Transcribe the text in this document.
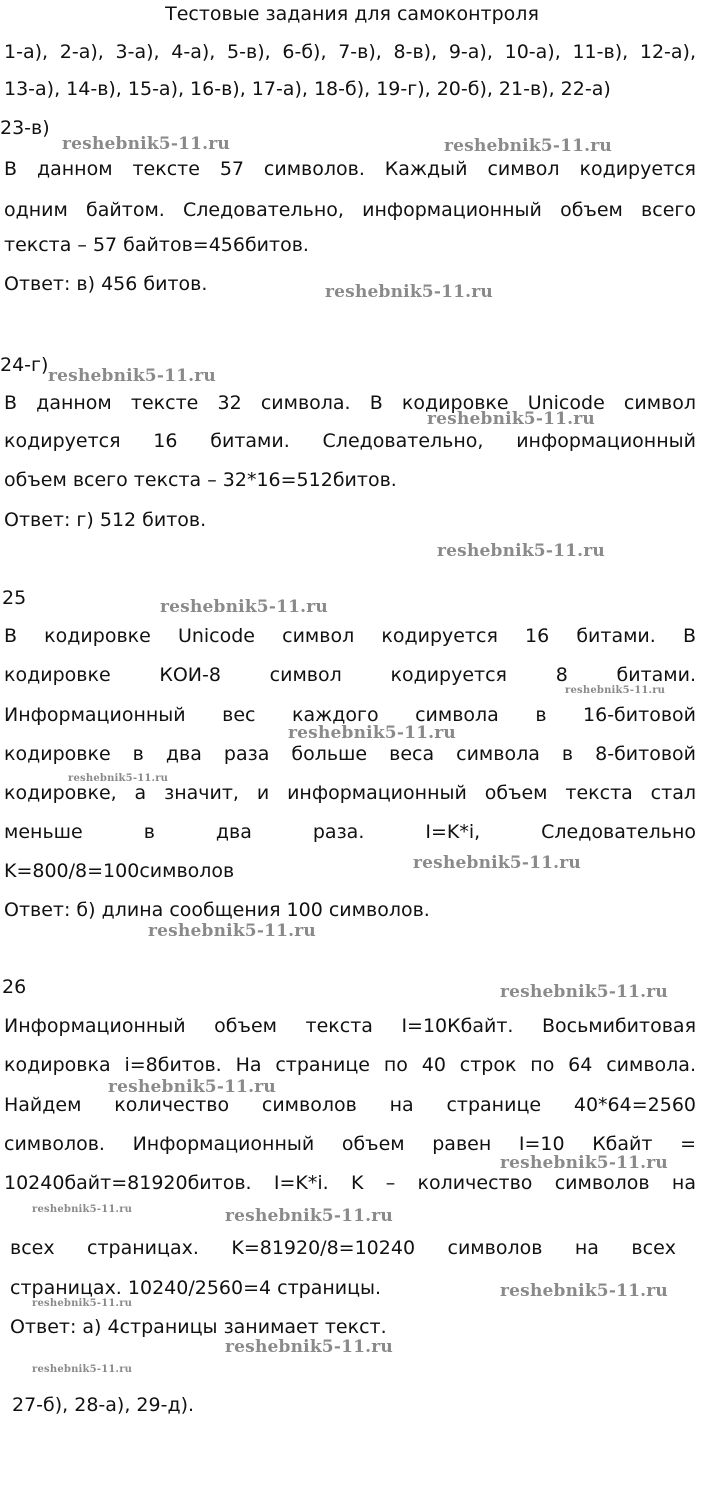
Тестовые задания для самоконтроля
1-а), 2-а), 3-а), 4-а), 5-в), 6-б), 7-в), 8-в), 9-а), 10-а), 11-в), 12-а),
13-а), 14-в), 15-а), 16-в), 17-а), 18-б), 19-г), 20-б), 21-в), 22-а)
23-в)
В данном тексте 57 символов. Каждый символ кодируется
одним байтом. Следовательно, информационный объем всего
текста – 57 байтов=456битов.
Ответ: в) 456 битов.
24-г)
В данном тексте 32 символа. В кодировке Unicode символ
кодируется 16 битами. Следовательно, информационный
объем всего текста – 32*16=512битов.
Ответ: г) 512 битов.
25
В кодировке Unicode символ кодируется 16 битами. В
кодировке КОИ-8 символ кодируется 8 битами.
Информационный вес каждого символа в 16-битовой
кодировке в два раза больше веса символа в 8-битовой
кодировке, а значит, и информационный объем текста стал
меньше в два раза. I=K*i, Следовательно
K=800/8=100символов
Ответ: б) длина сообщения 100 символов.
26
Информационный объем текста I=10Кбайт. Восьмибитовая
кодировка i=8битов. На странице по 40 строк по 64 символа.
Найдем количество символов на странице 40*64=2560
символов. Информационный объем равен I=10 Кбайт =
10240байт=81920битов. I=K*i. K – количество символов на
всех страницах. K=81920/8=10240 символов на всех
страницах. 10240/2560=4 страницы.
Ответ: а) 4страницы занимает текст.
27-б), 28-а), 29-д).
reshebnik5-11.ru	reshebnik5-11.ru
reshebnik5-11.ru
reshebnik5-11.ru
reshebnik5-11.ru
reshebnik5-11.ru
reshebnik5-11.ru
reshebnik5-11.ru
reshebnik5-11.ru
reshebnik5-11.ru
reshebnik5-11.ru
reshebnik5-11.ru
reshebnik5-11.ru
reshebnik5-11.ru
reshebnik5-11.ru
reshebnik5-11.ru	reshebnik5-11.ru
reshebnik5-11.ru
reshebnik5-11.ru
reshebnik5-11.ru
reshebnik5-11.ru
